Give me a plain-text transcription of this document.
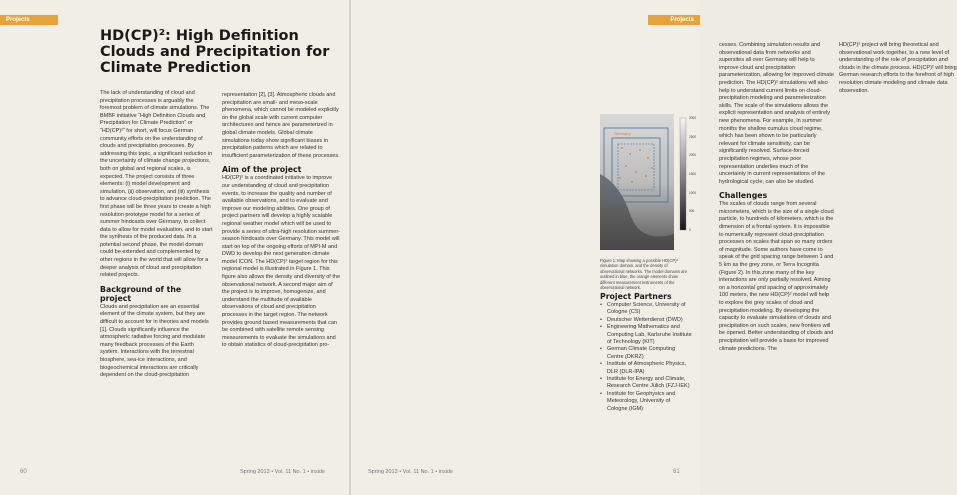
Projects
HD(CP)²: High Definition Clouds and Precipitation for Climate Prediction

The lack of understanding of cloud and precipitation processes is arguably the foremost problem of climate simulations. The BMBF initiative “High Definition Clouds and Precipitation for Climate Prediction” or “HD(CP)²” for short, will focus German community efforts on the understanding of clouds and precipitation processes. By addressing this topic, a significant reduction in the uncertainty of climate change projections, both on global and regional scales, is expected. The project consists of three elements: (i) model development and simulation, (ii) observation, and (iii) synthesis to advance cloud-precipitation prediction. The first phase will be three years to create a high resolution prototype model for a series of summer hindcasts over Germany, to collect data to allow for model evaluation, and to start the synthesis of the produced data. In a potential second phase, the model domain could be extended and complemented by other regions in the world that will allow for a deeper analysis of cloud and precipitation related projects.

Background of the project

Clouds and precipitation are an essential element of the climate system, but they are difficult to account for in theories and models [1]. Clouds significantly influence the atmospheric radiative forcing and modulate many feedback processes of the Earth system. Interactions with the terrestrial biosphere, sea-ice interactions, and biogeochemical interactions are critically dependent on the cloud-precipitation

representation [2], [3]. Atmospheric clouds and precipitation are small- and meso-scale phenomena, which cannot be modeled explicitly on the global scale with current computer architectures and hence are parameterized in global climate models. Global climate simulations today show significant biases in precipitation patterns which are related to insufficient parameterization of these processes.

Aim of the project

HD(CP)² is a coordinated initiative to improve our understanding of cloud and precipitation events, to increase the quality and number of available observations, and to evaluate and improve our modeling abilities. One group of project partners will develop a highly scalable regional weather model which will be used to provide a series of ultra-high resolution summer-season hindcasts over Germany. This model will start on top of the ongoing efforts of MPI-M and DWD to develop the next generation climate model ICON. The HD(CP)² target region for this regional model is illustrated in Figure 1. This figure also allows the density and diversity of the observational network. A second major aim of the project is to improve, homogenize, and understand the multitude of available observations of cloud and precipitation processes in the target region. The network provides ground based measurements that can be combined with satellite remote sensing measurements to evaluate the simulations and to obtain statistics of cloud-precipitation pro-

60	Spring 2013 • Vol. 11 No. 1 • inside
Projects

cesses. Combining simulation results and observational data from networks and supersites all over Germany will help to improve cloud and precipitation parameterization, allowing for improved climate prediction. The HD(CP)² simulations will also help to understand current limits on cloud-precipitation modeling and parameterization skills. The scale of the simulations allows the explicit representation and analysis of entirely new phenomena. For example, in summer months the shallow cumulus cloud regime, which has been shown to be particularly relevant for climate sensitivity, can be significantly resolved. Surface-forced precipitation regimes, whose poor representation underlies much of the uncertainty in current representations of the hydrological cycle, can also be studied.

Challenges

The scales of clouds range from several micrometers, which is the size of a single cloud particle, to hundreds of kilometers, which is the dimension of a frontal system. It is impossible to numerically represent cloud-precipitation processes on scales that span so many orders of magnitude. Some authors have come to speak of the grid spacing range between 1 and 5 km as the grey zone, or Terra Incognita (Figure 2). In this zone many of the key interactions are only partially resolved. Aiming on a horizontal grid spacing of approximately 100 meters, the new HD(CP)² model will help to explore the grey scales of cloud and precipitation modeling. By developing the capacity to evaluate simulations of clouds and precipitation on such scales, new frontiers will be opened. Better understanding of clouds and precipitation will provide a basis for improved climate predictions. The

HD(CP)² project will bring theoretical and observational work together, to a new level of understanding of the role of precipitation and clouds in the climate process. HD(CP)² will bring German research efforts to the forefront of high resolution climate modeling and climate data observation.

Spring 2013 • Vol. 11 No. 1 • inside	61
Germany
3000
2500
2000
1500
1000
500
0
Figure 1: Map showing a possible HD(CP)² simulation domain, and the density of observational networks. The model domains are outlined in blue, the orange elements show different measurement instruments of the observational network.
Project Partners
• Computer Science, University of Cologne (CS)
• Deutscher Wetterdienst (DWD)
• Engineering Mathematics and Computing Lab, Karlsruhe Institute of Technology (KIT)
• German Climate Computing Centre (DKRZ)
• Institute of Atmospheric Physics, DLR (DLR-IPA)
• Institute for Energy and Climate, Research Centre Jülich (FZJ-IEK)
• Institute for Geophysics and Meteorology, University of Cologne (IGM)
